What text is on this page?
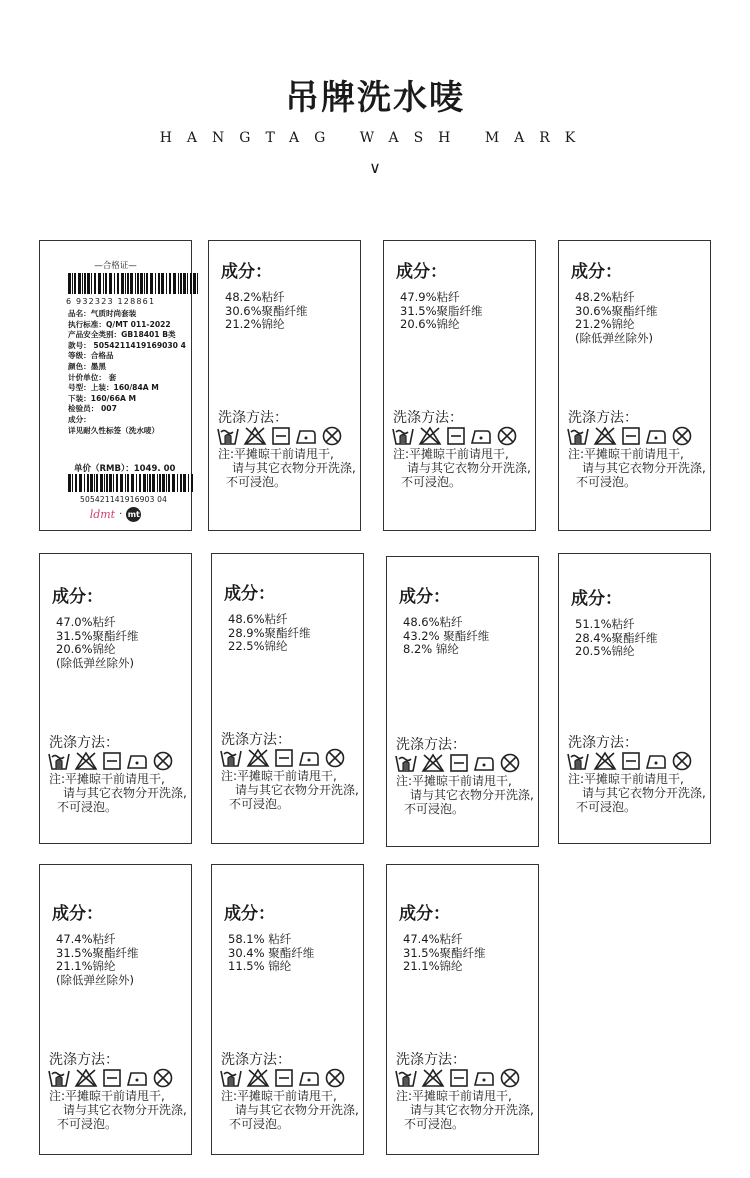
吊牌洗水唛
HANGTAG WASH MARK
∨
—合格证—
6 932323 128861
品名：气质时尚套装
执行标准：Q/MT 011-2022
产品安全类别：GB18401 B类
款号： 5054211419169030 4
等级：合格品
颜色：墨黑
计价单位： 套
号型：上装：160/84A M
下装：160/66A M
检验员： 007
成分：
详见耐久性标签（洗水唛）
单价（RMB）：1049. 00
505421141916903 04
ldmt · mt
成分：
48.2%粘纤
30.6%聚酯纤维
21.2%锦纶
洗涤方法：
注:平摊晾干前请甩干,
请与其它衣物分开洗涤,
不可浸泡。
成分：
47.9%粘纤
31.5%聚脂纤维
20.6%锦纶
洗涤方法：
注:平摊晾干前请甩干,
请与其它衣物分开洗涤,
不可浸泡。
成分：
48.2%粘纤
30.6%聚酯纤维
21.2%锦纶
(除低弹丝除外)
洗涤方法：
注:平摊晾干前请甩干,
请与其它衣物分开洗涤,
不可浸泡。
成分：
47.0%粘纤
31.5%聚酯纤维
20.6%锦纶
(除低弹丝除外)
洗涤方法：
注:平摊晾干前请甩干,
请与其它衣物分开洗涤,
不可浸泡。
成分：
48.6%粘纤
28.9%聚酯纤维
22.5%锦纶
洗涤方法：
注:平摊晾干前请甩干,
请与其它衣物分开洗涤,
不可浸泡。
成分：
48.6%粘纤
43.2% 聚酯纤维
8.2% 锦纶
洗涤方法：
注:平摊晾干前请甩干,
请与其它衣物分开洗涤,
不可浸泡。
成分：
51.1%粘纤
28.4%聚酯纤维
20.5%锦纶
洗涤方法：
注:平摊晾干前请甩干,
请与其它衣物分开洗涤,
不可浸泡。
成分：
47.4%粘纤
31.5%聚酯纤维
21.1%锦纶
(除低弹丝除外)
洗涤方法：
注:平摊晾干前请甩干,
请与其它衣物分开洗涤,
不可浸泡。
成分：
58.1% 粘纤
30.4% 聚酯纤维
11.5% 锦纶
洗涤方法：
注:平摊晾干前请甩干,
请与其它衣物分开洗涤,
不可浸泡。
成分：
47.4%粘纤
31.5%聚酯纤维
21.1%锦纶
洗涤方法：
注:平摊晾干前请甩干,
请与其它衣物分开洗涤,
不可浸泡。
